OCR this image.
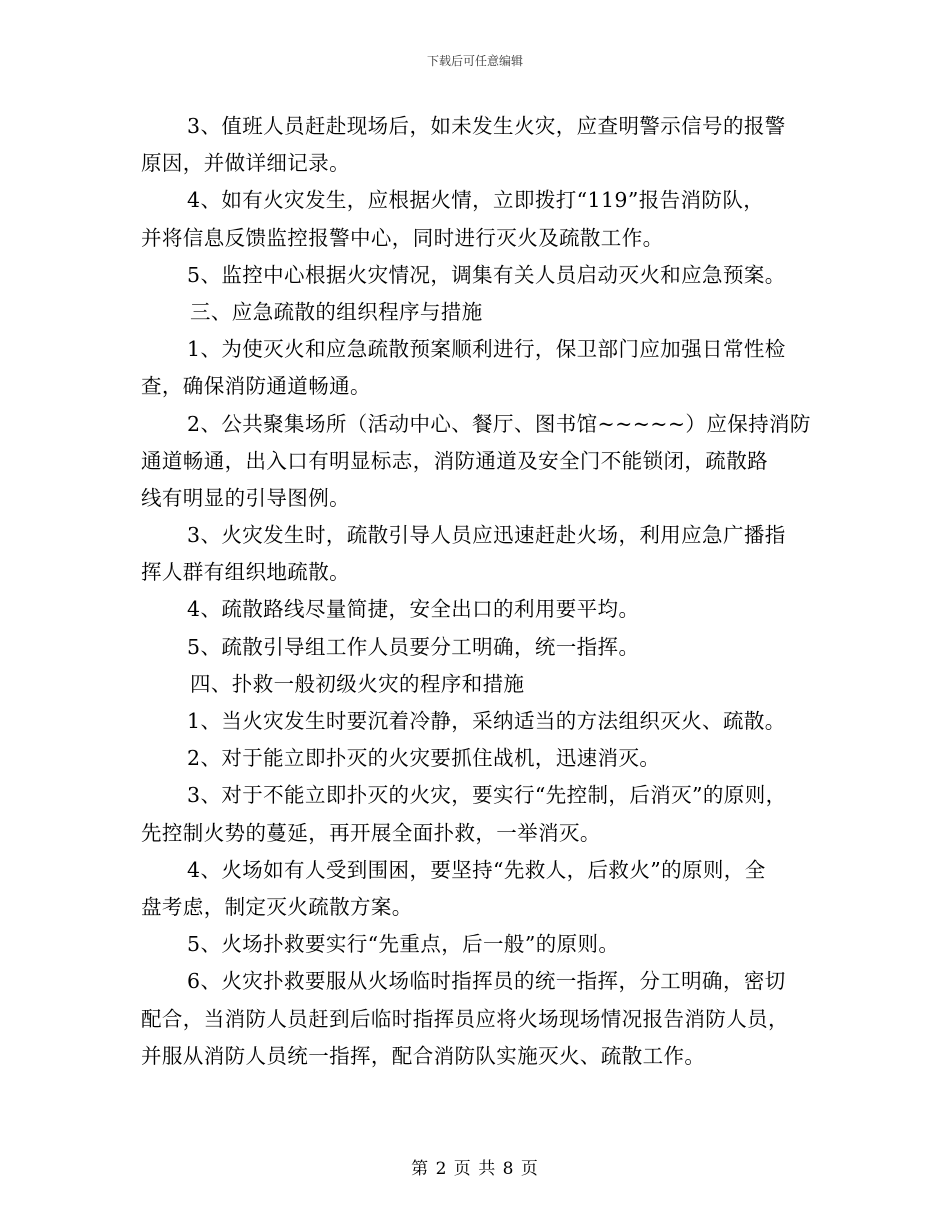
下载后可任意编辑
3、值班人员赶赴现场后，如未发生火灾，应查明警示信号的报警
原因，并做详细记录。
4、如有火灾发生，应根据火情，立即拨打“119”报告消防队，
并将信息反馈监控报警中心，同时进行灭火及疏散工作。
5、监控中心根据火灾情况，调集有关人员启动灭火和应急预案。
三、应急疏散的组织程序与措施
1、为使灭火和应急疏散预案顺利进行，保卫部门应加强日常性检
查，确保消防通道畅通。
2、公共聚集场所（活动中心、餐厅、图书馆~~~~~）应保持消防
通道畅通，出入口有明显标志，消防通道及安全门不能锁闭，疏散路
线有明显的引导图例。
3、火灾发生时，疏散引导人员应迅速赶赴火场，利用应急广播指
挥人群有组织地疏散。
4、疏散路线尽量简捷，安全出口的利用要平均。
5、疏散引导组工作人员要分工明确，统一指挥。
四、扑救一般初级火灾的程序和措施
1、当火灾发生时要沉着冷静，采纳适当的方法组织灭火、疏散。
2、对于能立即扑灭的火灾要抓住战机，迅速消灭。
3、对于不能立即扑灭的火灾，要实行“先控制，后消灭”的原则，
先控制火势的蔓延，再开展全面扑救，一举消灭。
4、火场如有人受到围困，要坚持“先救人，后救火”的原则，全
盘考虑，制定灭火疏散方案。
5、火场扑救要实行“先重点，后一般”的原则。
6、火灾扑救要服从火场临时指挥员的统一指挥，分工明确，密切
配合，当消防人员赶到后临时指挥员应将火场现场情况报告消防人员，
并服从消防人员统一指挥，配合消防队实施灭火、疏散工作。
第 2 页 共 8 页
